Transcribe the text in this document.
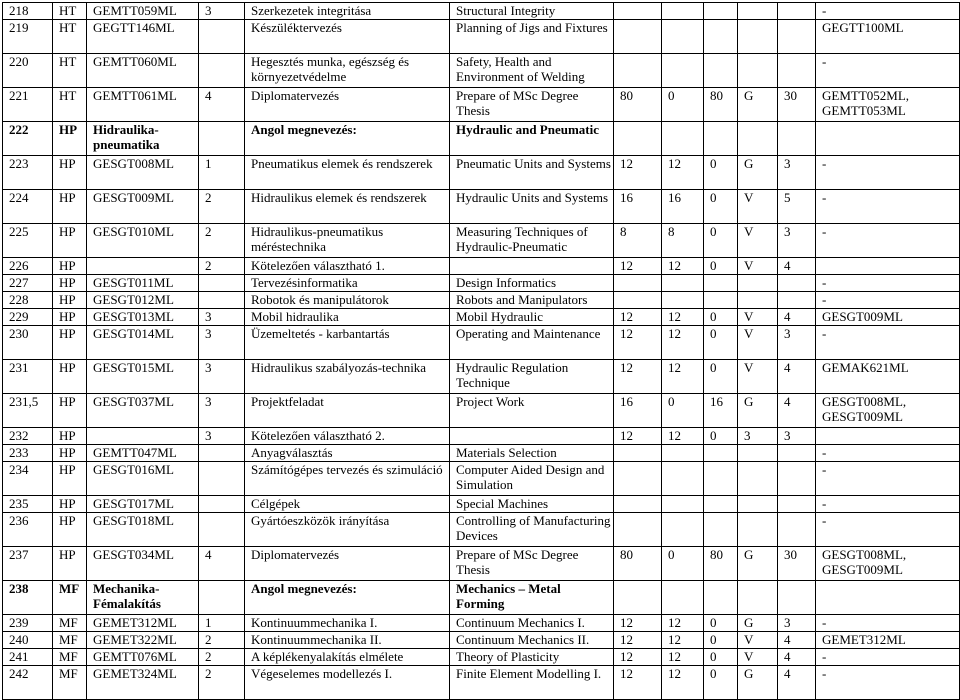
218	HT	GEMTT059ML	3	Szerkezetek integritása	Structural Integrity						-
219	HT	GEGTT146ML		Készüléktervezés	Planning of Jigs and Fixtures						GEGTT100ML
220	HT	GEMTT060ML		Hegesztés munka, egészség és környezetvédelme	Safety, Health and Environment of Welding						-
221	HT	GEMTT061ML	4	Diplomatervezés	Prepare of MSc Degree Thesis	80	0	80	G	30	GEMTT052ML, GEMTT053ML
222	HP	Hidraulika-pneumatika		Angol megnevezés:	Hydraulic and Pneumatic						
223	HP	GESGT008ML	1	Pneumatikus elemek és rendszerek	Pneumatic Units and Systems	12	12	0	G	3	-
224	HP	GESGT009ML	2	Hidraulikus elemek és rendszerek	Hydraulic Units and Systems	16	16	0	V	5	-
225	HP	GESGT010ML	2	Hidraulikus-pneumatikus méréstechnika	Measuring Techniques of Hydraulic-Pneumatic	8	8	0	V	3	-
226	HP		2	Kötelezően választható 1.		12	12	0	V	4	
227	HP	GESGT011ML		Tervezésinformatika	Design Informatics						-
228	HP	GESGT012ML		Robotok és manipulátorok	Robots and Manipulators						-
229	HP	GESGT013ML	3	Mobil hidraulika	Mobil Hydraulic	12	12	0	V	4	GESGT009ML
230	HP	GESGT014ML	3	Üzemeltetés - karbantartás	Operating and Maintenance	12	12	0	V	3	-
231	HP	GESGT015ML	3	Hidraulikus szabályozás-technika	Hydraulic Regulation Technique	12	12	0	V	4	GEMAK621ML
231,5	HP	GESGT037ML	3	Projektfeladat	Project Work	16	0	16	G	4	GESGT008ML, GESGT009ML
232	HP		3	Kötelezően választható 2.		12	12	0	3	3	
233	HP	GEMTT047ML		Anyagválasztás	Materials Selection						-
234	HP	GESGT016ML		Számítógépes tervezés és szimuláció	Computer Aided Design and Simulation						-
235	HP	GESGT017ML		Célgépek	Special Machines						-
236	HP	GESGT018ML		Gyártóeszközök irányítása	Controlling of Manufacturing Devices						-
237	HP	GESGT034ML	4	Diplomatervezés	Prepare of MSc Degree Thesis	80	0	80	G	30	GESGT008ML, GESGT009ML
238	MF	Mechanika-Fémalakítás		Angol megnevezés:	Mechanics – Metal Forming						
239	MF	GEMET312ML	1	Kontinuummechanika I.	Continuum Mechanics I.	12	12	0	G	3	-
240	MF	GEMET322ML	2	Kontinuummechanika II.	Continuum Mechanics II.	12	12	0	V	4	GEMET312ML
241	MF	GEMTT076ML	2	A képlékenyalakítás elmélete	Theory of Plasticity	12	12	0	V	4	-
242	MF	GEMET324ML	2	Végeselemes modellezés I.	Finite Element Modelling I.	12	12	0	G	4	-
